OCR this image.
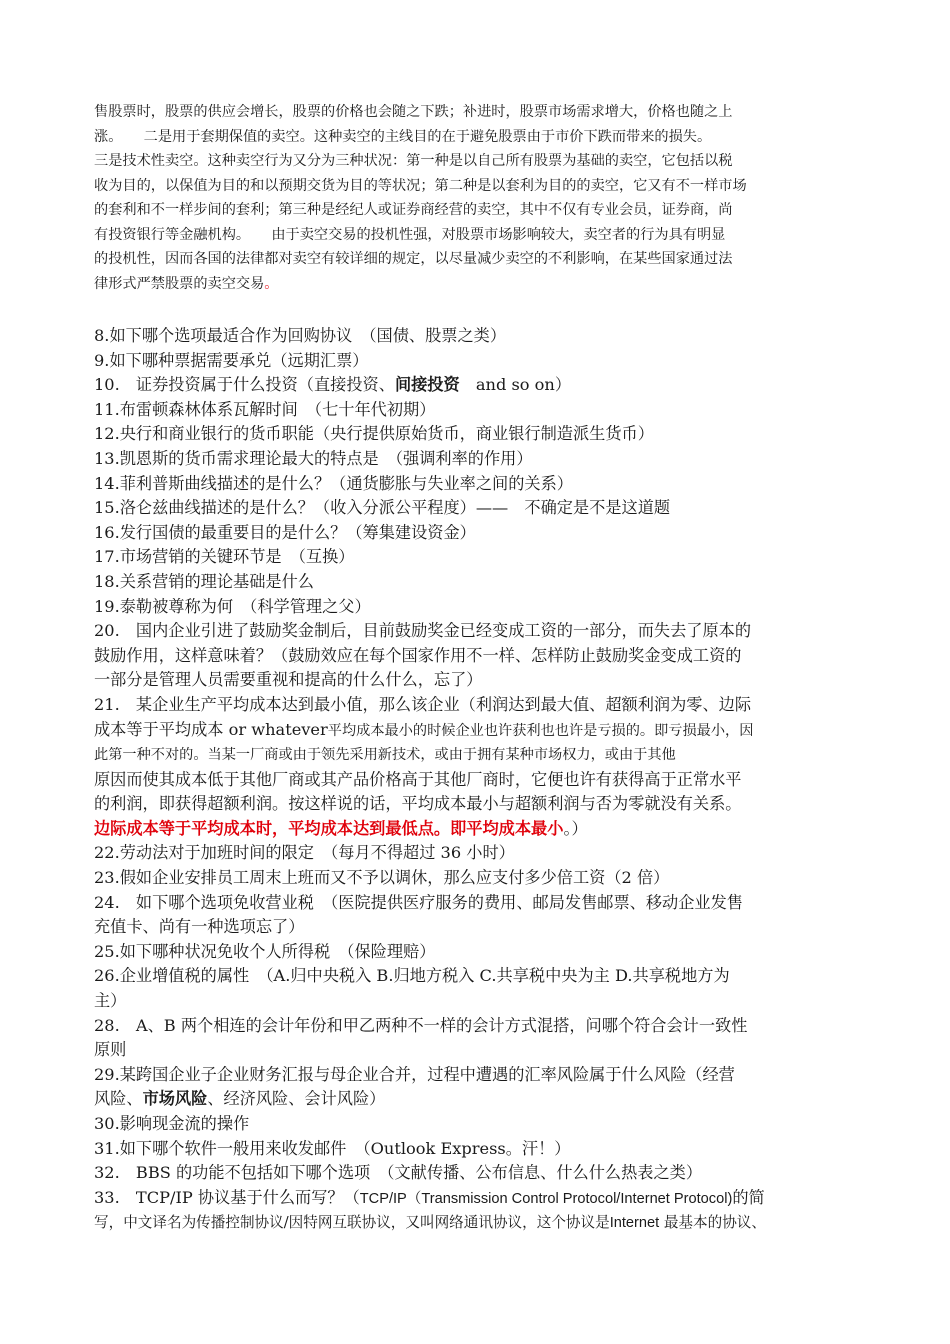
售股票时，股票的供应会增长，股票的价格也会随之下跌；补进时，股票市场需求增大，价格也随之上

涨。　　二是用于套期保值的卖空。这种卖空的主线目的在于避免股票由于市价下跌而带来的损失。

三是技术性卖空。这种卖空行为又分为三种状况：第一种是以自己所有股票为基础的卖空，它包括以税

收为目的，以保值为目的和以预期交货为目的等状况；第二种是以套利为目的的卖空，它又有不一样市场

的套利和不一样步间的套利；第三种是经纪人或证券商经营的卖空，其中不仅有专业会员，证券商，尚

有投资银行等金融机构。　　由于卖空交易的投机性强，对股票市场影响较大，卖空者的行为具有明显

的投机性，因而各国的法律都对卖空有较详细的规定，以尽量减少卖空的不利影响，在某些国家通过法

律形式严禁股票的卖空交易。

8.如下哪个选项最适合作为回购协议　（国债、股票之类）

9.如下哪种票据需要承兑（远期汇票）

10.　证券投资属于什么投资（直接投资、间接投资　and so on）

11.布雷顿森林体系瓦解时间　（七十年代初期）

12.央行和商业银行的货币职能（央行提供原始货币，商业银行制造派生货币）

13.凯恩斯的货币需求理论最大的特点是　（强调利率的作用）

14.菲利普斯曲线描述的是什么？（通货膨胀与失业率之间的关系）

15.洛仑兹曲线描述的是什么？（收入分派公平程度）——　不确定是不是这道题

16.发行国债的最重要目的是什么？（筹集建设资金）

17.市场营销的关键环节是　（互换）

18.关系营销的理论基础是什么

19.泰勒被尊称为何　（科学管理之父）

20.　国内企业引进了鼓励奖金制后，目前鼓励奖金已经变成工资的一部分，而失去了原本的

鼓励作用，这样意味着？（鼓励效应在每个国家作用不一样、怎样防止鼓励奖金变成工资的

一部分是管理人员需要重视和提高的什么什么，忘了）

21.　某企业生产平均成本达到最小值，那么该企业（利润达到最大值、超额利润为零、边际

成本等于平均成本 or whatever平均成本最小的时候企业也许获利也也许是亏损的。即亏损最小，因

此第一种不对的。当某一厂商或由于领先采用新技术，或由于拥有某种市场权力，或由于其他

原因而使其成本低于其他厂商或其产品价格高于其他厂商时，它便也许有获得高于正常水平

的利润，即获得超额利润。按这样说的话，平均成本最小与超额利润与否为零就没有关系。

边际成本等于平均成本时，平均成本达到最低点。即平均成本最小。）

22.劳动法对于加班时间的限定　（每月不得超过 36 小时）

23.假如企业安排员工周末上班而又不予以调休，那么应支付多少倍工资（2 倍）

24.　如下哪个选项免收营业税　（医院提供医疗服务的费用、邮局发售邮票、移动企业发售

充值卡、尚有一种选项忘了）

25.如下哪种状况免收个人所得税　（保险理赔）

26.企业增值税的属性　（A.归中央税入 B.归地方税入 C.共享税中央为主 D.共享税地方为

主）

28.　A、B 两个相连的会计年份和甲乙两种不一样的会计方式混搭，问哪个符合会计一致性

原则

29.某跨国企业子企业财务汇报与母企业合并，过程中遭遇的汇率风险属于什么风险（经营

风险、市场风险、经济风险、会计风险）

30.影响现金流的操作

31.如下哪个软件一般用来收发邮件　（Outlook Express。汗！）

32.　BBS 的功能不包括如下哪个选项　（文献传播、公布信息、什么什么热表之类）

33.　TCP/IP 协议基于什么而写？（TCP/IP（Transmission Control Protocol/Internet Protocol)的简

写，中文译名为传播控制协议/因特网互联协议，又叫网络通讯协议，这个协议是Internet 最基本的协议、
